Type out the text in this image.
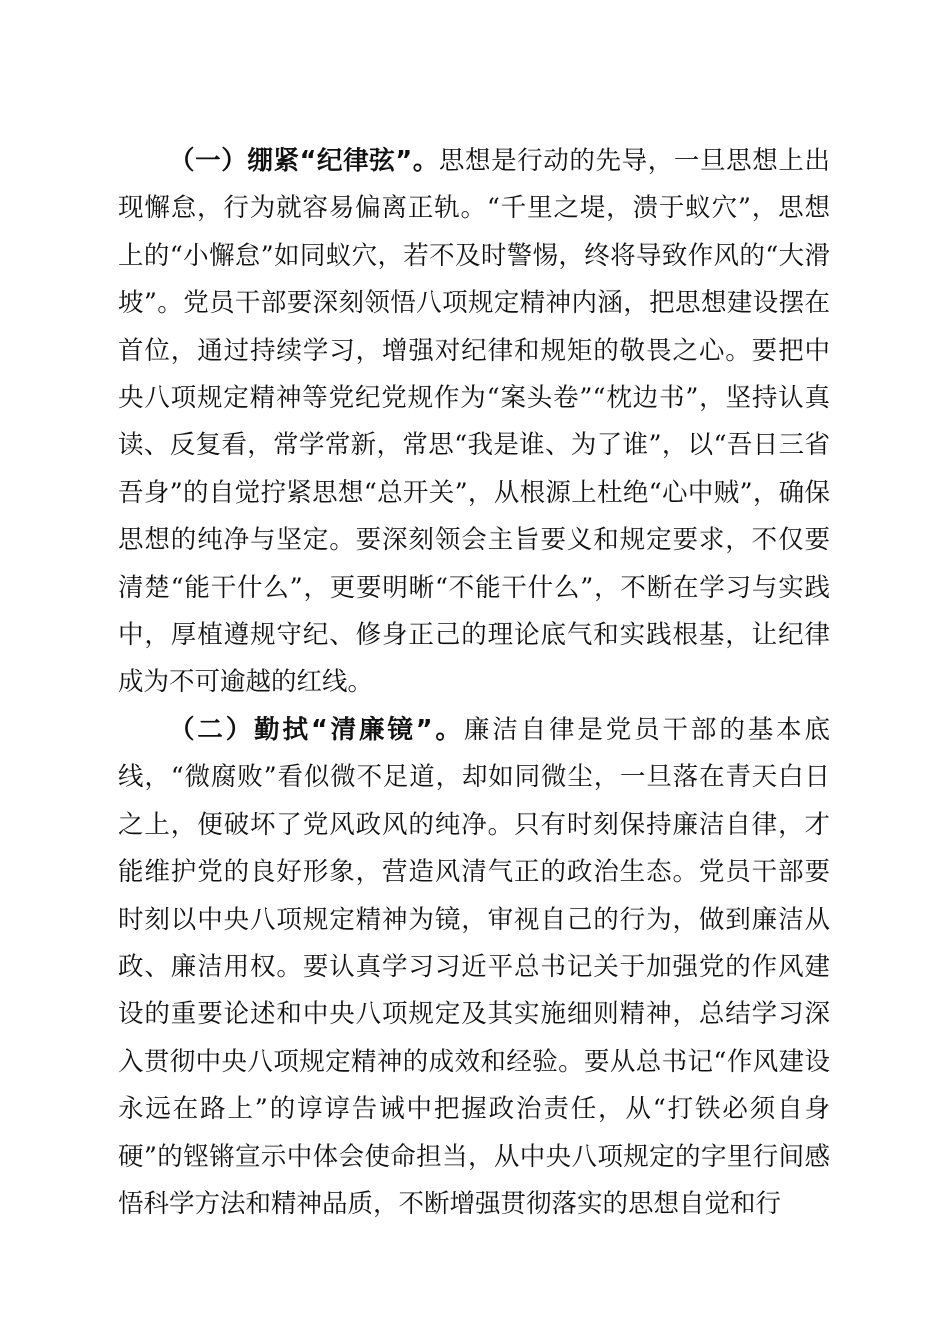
（一）绷紧“纪律弦”。思想是行动的先导，一旦思想上出现懈怠，行为就容易偏离正轨。“千里之堤，溃于蚁穴”，思想上的“小懈怠”如同蚁穴，若不及时警惕，终将导致作风的“大滑坡”。党员干部要深刻领悟八项规定精神内涵，把思想建设摆在首位，通过持续学习，增强对纪律和规矩的敬畏之心。要把中央八项规定精神等党纪党规作为“案头卷”“枕边书”，坚持认真读、反复看，常学常新，常思“我是谁、为了谁”，以“吾日三省吾身”的自觉拧紧思想“总开关”，从根源上杜绝“心中贼”，确保思想的纯净与坚定。要深刻领会主旨要义和规定要求，不仅要清楚“能干什么”，更要明晰“不能干什么”，不断在学习与实践中，厚植遵规守纪、修身正己的理论底气和实践根基，让纪律成为不可逾越的红线。

（二）勤拭“清廉镜”。廉洁自律是党员干部的基本底线，“微腐败”看似微不足道，却如同微尘，一旦落在青天白日之上，便破坏了党风政风的纯净。只有时刻保持廉洁自律，才能维护党的良好形象，营造风清气正的政治生态。党员干部要时刻以中央八项规定精神为镜，审视自己的行为，做到廉洁从政、廉洁用权。要认真学习习近平总书记关于加强党的作风建设的重要论述和中央八项规定及其实施细则精神，总结学习深入贯彻中央八项规定精神的成效和经验。要从总书记“作风建设永远在路上”的谆谆告诫中把握政治责任，从“打铁必须自身硬”的铿锵宣示中体会使命担当，从中央八项规定的字里行间感悟科学方法和精神品质，不断增强贯彻落实的思想自觉和行
